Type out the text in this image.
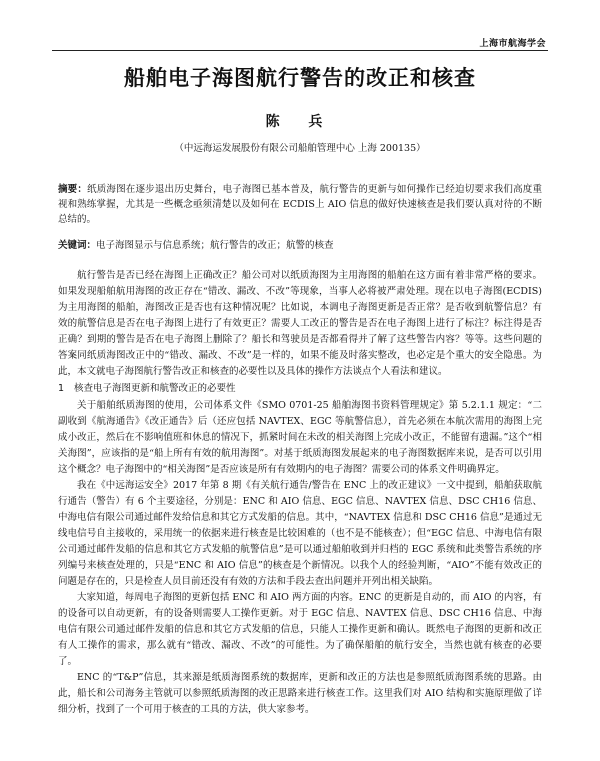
上海市航海学会
船舶电子海图航行警告的改正和核查
陈 兵
（中远海运发展股份有限公司船舶管理中心 上海 200135）
摘要：纸质海图在逐步退出历史舞台，电子海图已基本普及，航行警告的更新与如何操作已经迫切要求我们高度重视和熟练掌握，尤其是一些概念亟须清楚以及如何在 ECDIS上 AIO 信息的做好快速核查是我们要认真对待的不断总结的。
关键词：电子海图显示与信息系统；航行警告的改正；航警的核查

航行警告是否已经在海图上正确改正？船公司对以纸质海图为主用海图的船舶在这方面有着非常严格的要求。如果发现船舶航用海图的改正存在“错改、漏改、不改”等现象，当事人必将被严肃处理。现在以电子海图(ECDIS)为主用海图的船舶，海图改正是否也有这种情况呢？比如说，本调电子海图更新是否正常？是否收到航警信息？有效的航警信息是否在电子海图上进行了有效更正？需要人工改正的警告是否在电子海图上进行了标注？标注得是否正确？到期的警告是否在电子海图上删除了？船长和驾驶员是否都看得并了解了这些警告内容？等等。这些问题的答案同纸质海图改正中的“错改、漏改、不改”是一样的，如果不能及时落实整改，也必定是个重大的安全隐患。为此，本文就电子海图航行警告改正和核查的必要性以及具体的操作方法谈点个人看法和建议。

1 核查电子海图更新和航警改正的必要性

关于船舶纸质海图的使用，公司体系文件《SMO 0701-25 船舶海图书资料管理规定》第 5.2.1.1 规定：“二副收到《航海通告》《改正通告》后（还应包括 NAVTEX、EGC 等航警信息），首先必须在本航次需用的海图上完成小改正，然后在不影响值班和休息的情况下，抓紧时间在未改的相关海图上完成小改正，不能留有遗漏。”这个“相关海图”，应该指的是“船上所有有效的航用海图”。对基于纸质海图发展起来的电子海图数据库来说，是否可以引用这个概念？电子海图中的“相关海图”是否应该是所有有效期内的电子海图？需要公司的体系文件明确界定。

我在《中远海运安全》2017 年第 8 期《有关航行通告/警告在 ENC 上的改正建议》一文中提到，船舶获取航行通告（警告）有 6 个主要途径，分别是：ENC 和 AIO 信息、EGC 信息、NAVTEX 信息、DSC CH16 信息、中海电信有限公司通过邮件发给信息和其它方式发船的信息。其中，“NAVTEX 信息和 DSC CH16 信息”是通过无线电信号自主接收的，采用统一的依据来进行核查是比较困难的（也不是不能核查）；但“EGC 信息、中海电信有限公司通过邮件发船的信息和其它方式发船的航警信息”是可以通过船舶收到并归档的 EGC 系统和此类警告系统的序列编号来核查处理的，只是“ENC 和 AIO 信息”的核查是个新情况。以我个人的经验判断，“AIO”不能有效改正的问题是存在的，只是检查人员目前还没有有效的方法和手段去查出问题并开列出相关缺陷。

大家知道，每周电子海图的更新包括 ENC 和 AIO 两方面的内容。ENC 的更新是自动的，而 AIO 的内容，有的设备可以自动更新，有的设备则需要人工操作更新。对于 EGC 信息、NAVTEX 信息、DSC CH16 信息、中海电信有限公司通过邮件发船的信息和其它方式发船的信息，只能人工操作更新和确认。既然电子海图的更新和改正有人工操作的需求，那么就有“错改、漏改、不改”的可能性。为了确保船舶的航行安全，当然也就有核查的必要了。

ENC 的“T&P”信息，其来源是纸质海图系统的数据库，更新和改正的方法也是参照纸质海图系统的思路。由此，船长和公司海务主管就可以参照纸质海图的改正思路来进行核查工作。这里我们对 AIO 结构和实施原理做了详细分析，找到了一个可用于核查的工具的方法，供大家参考。
